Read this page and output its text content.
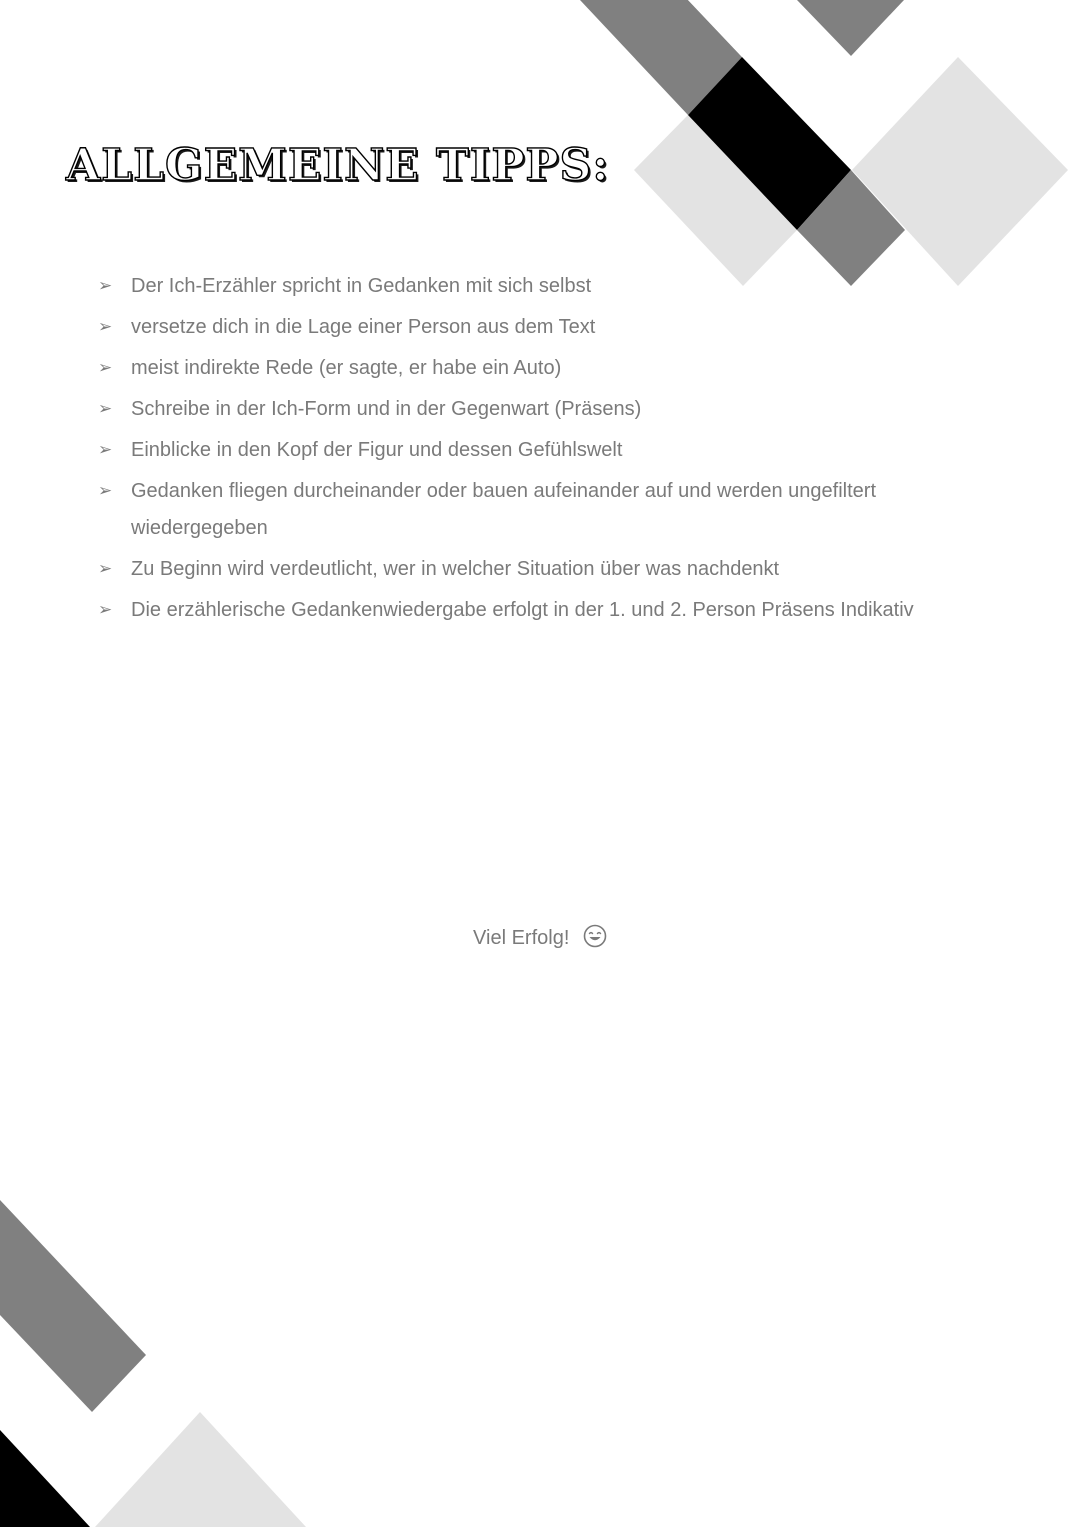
ALLGEMEINE TIPPS:
➢ Der Ich-Erzähler spricht in Gedanken mit sich selbst
➢ versetze dich in die Lage einer Person aus dem Text
➢ meist indirekte Rede (er sagte, er habe ein Auto)
➢ Schreibe in der Ich-Form und in der Gegenwart (Präsens)
➢ Einblicke in den Kopf der Figur und dessen Gefühlswelt
➢ Gedanken fliegen durcheinander oder bauen aufeinander auf und werden ungefiltert wiedergegeben
➢ Zu Beginn wird verdeutlicht, wer in welcher Situation über was nachdenkt
➢ Die erzählerische Gedankenwiedergabe erfolgt in der 1. und 2. Person Präsens Indikativ
Viel Erfolg!
